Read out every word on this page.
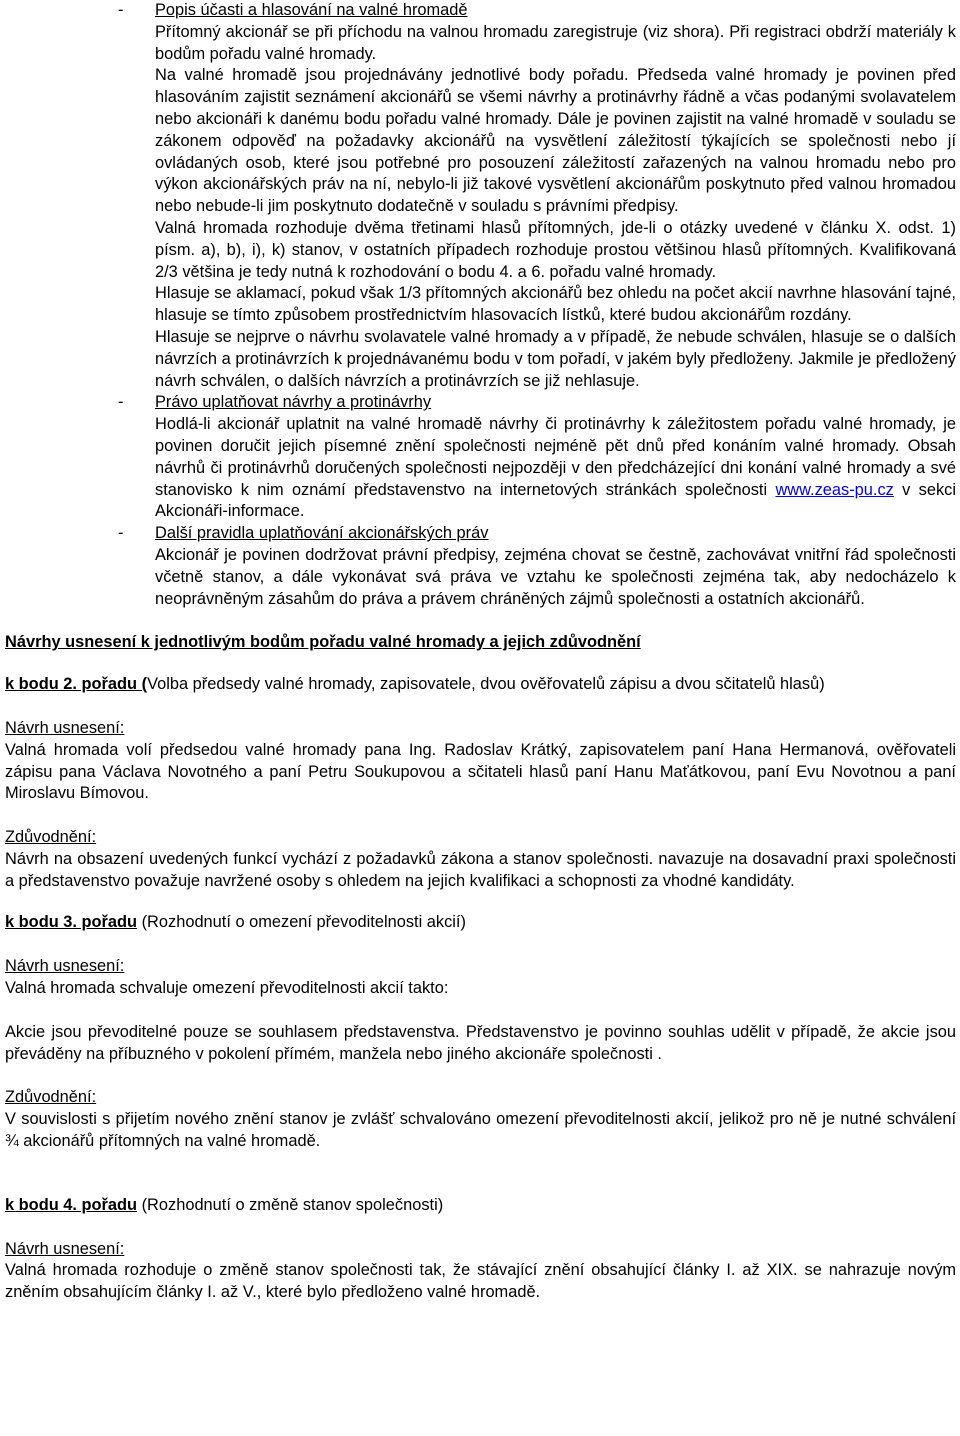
- Popis účasti a hlasování na valné hromadě

Přítomný akcionář se při příchodu na valnou hromadu zaregistruje (viz shora). Při registraci obdrží materiály k bodům pořadu valné hromady.

Na valné hromadě jsou projednávány jednotlivé body pořadu. Předseda valné hromady je povinen před hlasováním zajistit seznámení akcionářů se všemi návrhy a protinávrhy řádně a včas podanými svolavatelem nebo akcionáři k danému bodu pořadu valné hromady. Dále je povinen zajistit na valné hromadě v souladu se zákonem odpověď na požadavky akcionářů na vysvětlení záležitostí týkajících se společnosti nebo jí ovládaných osob, které jsou potřebné pro posouzení záležitostí zařazených na valnou hromadu nebo pro výkon akcionářských práv na ní, nebylo-li již takové vysvětlení akcionářům poskytnuto před valnou hromadou nebo nebude-li jim poskytnuto dodatečně v souladu s právními předpisy.

Valná hromada rozhoduje dvěma třetinami hlasů přítomných, jde-li o otázky uvedené v článku X. odst. 1) písm. a), b), i), k) stanov, v ostatních případech rozhoduje prostou většinou hlasů přítomných. Kvalifikovaná 2/3 většina je tedy nutná k rozhodování o bodu 4. a 6. pořadu valné hromady.

Hlasuje se aklamací, pokud však 1/3 přítomných akcionářů bez ohledu na počet akcií navrhne hlasování tajné, hlasuje se tímto způsobem prostřednictvím hlasovacích lístků, které budou akcionářům rozdány.

Hlasuje se nejprve o návrhu svolavatele valné hromady a v případě, že nebude schválen, hlasuje se o dalších návrzích a protinávrzích k projednávanému bodu v tom pořadí, v jakém byly předloženy. Jakmile je předložený návrh schválen, o dalších návrzích a protinávrzích se již nehlasuje.

- Právo uplatňovat návrhy a protinávrhy

Hodlá-li akcionář uplatnit na valné hromadě návrhy či protinávrhy k záležitostem pořadu valné hromady, je povinen doručit jejich písemné znění společnosti nejméně pět dnů před konáním valné hromady. Obsah návrhů či protinávrhů doručených společnosti nejpozději v den předcházející dni konání valné hromady a své stanovisko k nim oznámí představenstvo na internetových stránkách společnosti www.zeas-pu.cz v sekci Akcionáři-informace.

- Další pravidla uplatňování akcionářských práv

Akcionář je povinen dodržovat právní předpisy, zejména chovat se čestně, zachovávat vnitřní řád společnosti včetně stanov, a dále vykonávat svá práva ve vztahu ke společnosti zejména tak, aby nedocházelo k neoprávněným zásahům do práva a právem chráněných zájmů společnosti a ostatních akcionářů.

Návrhy usnesení k jednotlivým bodům pořadu valné hromady a jejich zdůvodnění

k bodu 2. pořadu (Volba předsedy valné hromady, zapisovatele, dvou ověřovatelů zápisu a dvou sčitatelů hlasů)

Návrh usnesení:

Valná hromada volí předsedou valné hromady pana Ing. Radoslav Krátký, zapisovatelem paní Hana Hermanová, ověřovateli zápisu pana Václava Novotného a paní Petru Soukupovou a sčitateli hlasů paní Hanu Maťátkovou, paní Evu Novotnou a paní Miroslavu Bímovou.

Zdůvodnění:

Návrh na obsazení uvedených funkcí vychází z požadavků zákona a stanov společnosti. navazuje na dosavadní praxi společnosti a představenstvo považuje navržené osoby s ohledem na jejich kvalifikaci a schopnosti za vhodné kandidáty.

k bodu 3. pořadu (Rozhodnutí o omezení převoditelnosti akcií)

Návrh usnesení:

Valná hromada schvaluje omezení převoditelnosti akcií takto:

Akcie jsou převoditelné pouze se souhlasem představenstva. Představenstvo je povinno souhlas udělit v případě, že akcie jsou převáděny na příbuzného v pokolení přímém, manžela nebo jiného akcionáře společnosti .

Zdůvodnění:

V souvislosti s přijetím nového znění stanov je zvlášť schvalováno omezení převoditelnosti akcií, jelikož pro ně je nutné schválení ¾ akcionářů přítomných na valné hromadě.

k bodu 4. pořadu (Rozhodnutí o změně stanov společnosti)

Návrh usnesení:

Valná hromada rozhoduje o změně stanov společnosti tak, že stávající znění obsahující články I. až XIX. se nahrazuje novým zněním obsahujícím články I. až V., které bylo předloženo valné hromadě.
